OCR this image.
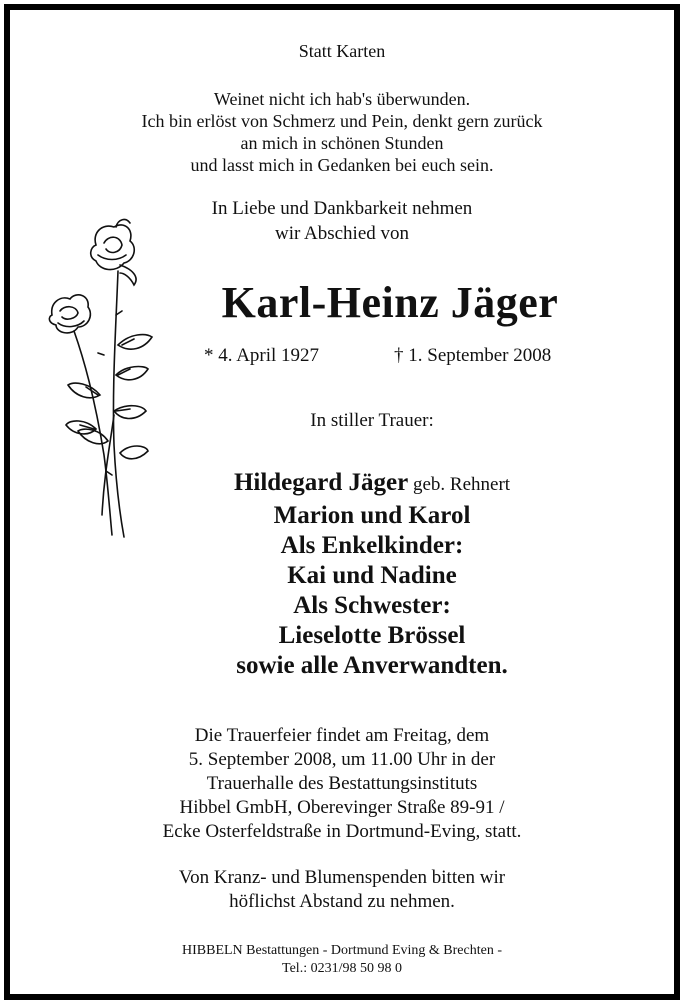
Statt Karten
Weinet nicht ich hab's überwunden.
Ich bin erlöst von Schmerz und Pein, denkt gern zurück
an mich in schönen Stunden
und lasst mich in Gedanken bei euch sein.
In Liebe und Dankbarkeit nehmen
wir Abschied von
Karl-Heinz Jäger
* 4. April 1927	† 1. September 2008
In stiller Trauer:
Hildegard Jäger geb. Rehnert
Marion und Karol
Als Enkelkinder:
Kai und Nadine
Als Schwester:
Lieselotte Brössel
sowie alle Anverwandten.
Die Trauerfeier findet am Freitag, dem
5. September 2008, um 11.00 Uhr in der
Trauerhalle des Bestattungsinstituts
Hibbel GmbH, Oberevinger Straße 89-91 /
Ecke Osterfeldstraße in Dortmund-Eving, statt.
Von Kranz- und Blumenspenden bitten wir
höflichst Abstand zu nehmen.
HIBBELN Bestattungen - Dortmund Eving & Brechten -
Tel.: 0231/98 50 98 0
